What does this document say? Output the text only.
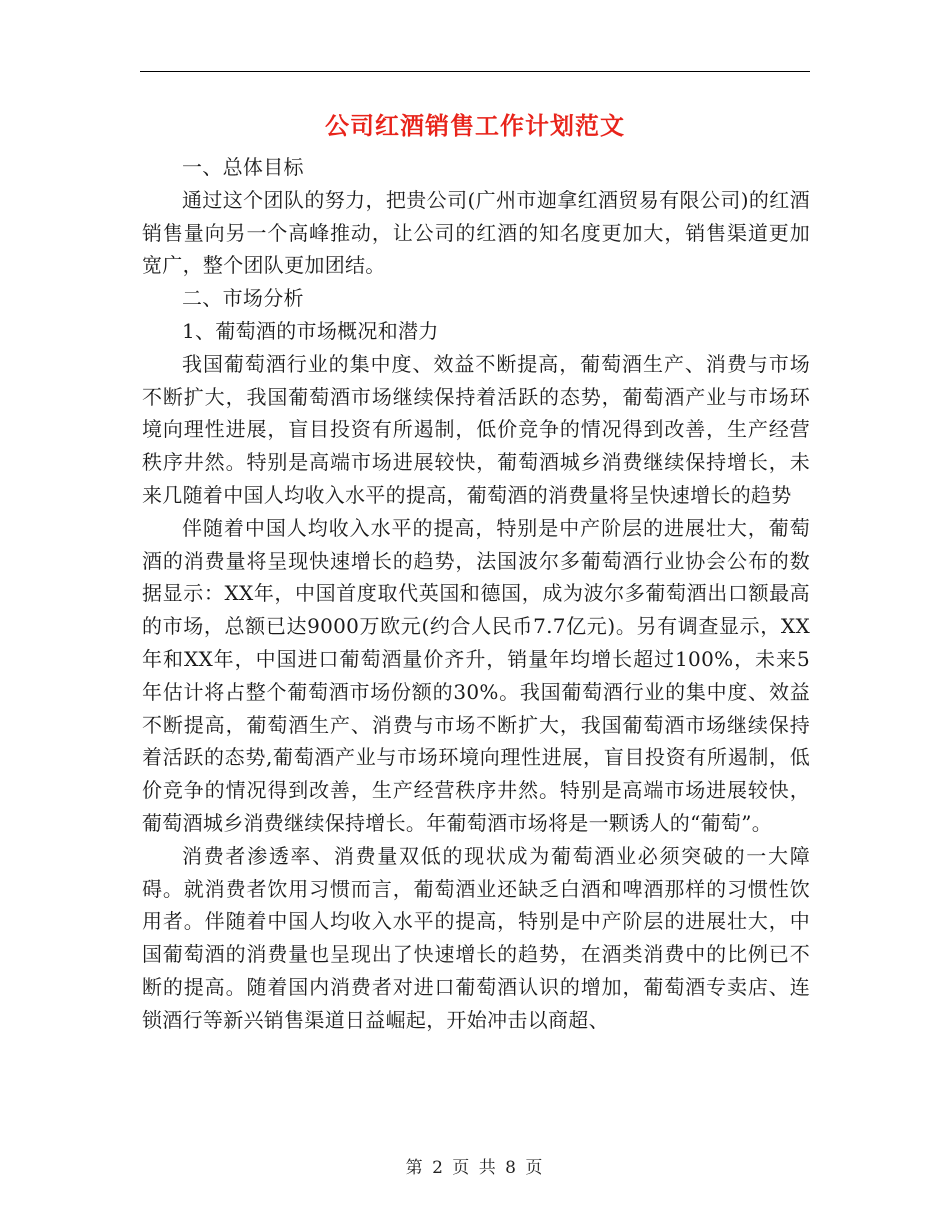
公司红酒销售工作计划范文

一、总体目标

通过这个团队的努力，把贵公司(广州市迦拿红酒贸易有限公司)的红酒销售量向另一个高峰推动，让公司的红酒的知名度更加大，销售渠道更加宽广，整个团队更加团结。

二、市场分析

1、葡萄酒的市场概况和潜力

我国葡萄酒行业的集中度、效益不断提高，葡萄酒生产、消费与市场不断扩大，我国葡萄酒市场继续保持着活跃的态势，葡萄酒产业与市场环境向理性进展，盲目投资有所遏制，低价竞争的情况得到改善，生产经营秩序井然。特别是高端市场进展较快，葡萄酒城乡消费继续保持增长，未来几随着中国人均收入水平的提高，葡萄酒的消费量将呈快速增长的趋势

伴随着中国人均收入水平的提高，特别是中产阶层的进展壮大，葡萄酒的消费量将呈现快速增长的趋势，法国波尔多葡萄酒行业协会公布的数据显示：XX年，中国首度取代英国和德国，成为波尔多葡萄酒出口额最高的市场，总额已达9000万欧元(约合人民币7.7亿元)。另有调查显示，XX年和XX年，中国进口葡萄酒量价齐升，销量年均增长超过100%，未来5年估计将占整个葡萄酒市场份额的30%。我国葡萄酒行业的集中度、效益不断提高，葡萄酒生产、消费与市场不断扩大，我国葡萄酒市场继续保持着活跃的态势,葡萄酒产业与市场环境向理性进展，盲目投资有所遏制，低价竞争的情况得到改善，生产经营秩序井然。特别是高端市场进展较快，葡萄酒城乡消费继续保持增长。年葡萄酒市场将是一颗诱人的“葡萄”。

消费者渗透率、消费量双低的现状成为葡萄酒业必须突破的一大障碍。就消费者饮用习惯而言，葡萄酒业还缺乏白酒和啤酒那样的习惯性饮用者。伴随着中国人均收入水平的提高，特别是中产阶层的进展壮大，中国葡萄酒的消费量也呈现出了快速增长的趋势，在酒类消费中的比例已不断的提高。随着国内消费者对进口葡萄酒认识的增加，葡萄酒专卖店、连锁酒行等新兴销售渠道日益崛起，开始冲击以商超、

第 2 页 共 8 页
